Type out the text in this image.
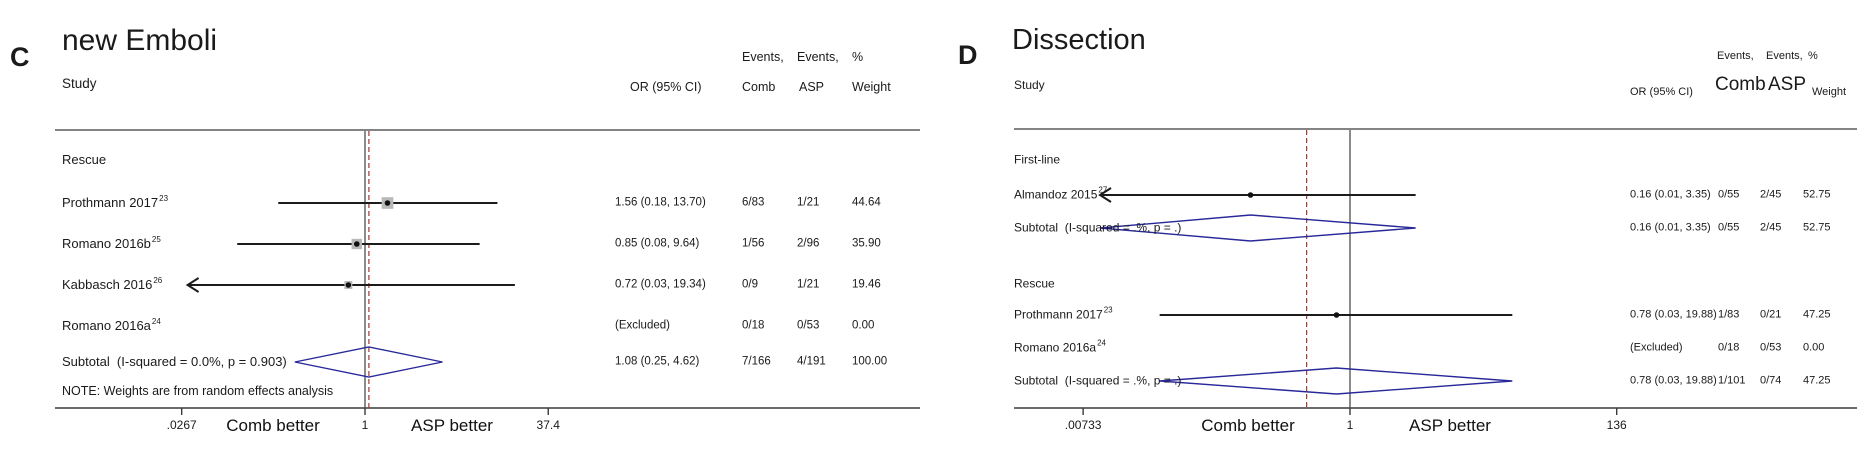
C new Emboli
Study
Events, Events, %
OR (95% CI)	Comb ASP Weight
Rescue
Prothmann 2017$^{23}$	1.56 (0.18, 13.70)	6/83	1/21	44.64
Romano 2016b$^{25}$	0.85 (0.08, 9.64)	1/56	2/96	35.90
Kabbasch 2016$^{26}$	0.72 (0.03, 19.34)	0/9	1/21	19.46
Romano 2016a$^{24}$	(Excluded)	0/18	0/53	0.00
Subtotal  (I-squared = 0.0%, p = 0.903)	1.08 (0.25, 4.62)	7/166 4/191 100.00
NOTE: Weights are from random effects analysis
Comb better	ASP better
.0267	1	37.4
D Dissection
Study
Events, Events, %
OR (95% CI) Comb ASP Weight
First-line
Almandoz 2015$^{27}$	0.16 (0.01, 3.35) 0/55 2/45 52.75
Subtotal  (I-squared = .%, p = .)	0.16 (0.01, 3.35) 0/55 2/45 52.75
Rescue
Prothmann 2017$^{23}$	0.78 (0.03, 19.88) 1/83 0/21 47.25
Romano 2016a$^{24}$	(Excluded)	0/18 0/53 0.00
Subtotal  (I-squared = .%, p = .)	0.78 (0.03, 19.88) 1/101 0/74 47.25
Comb better	ASP better
.00733	1	136
